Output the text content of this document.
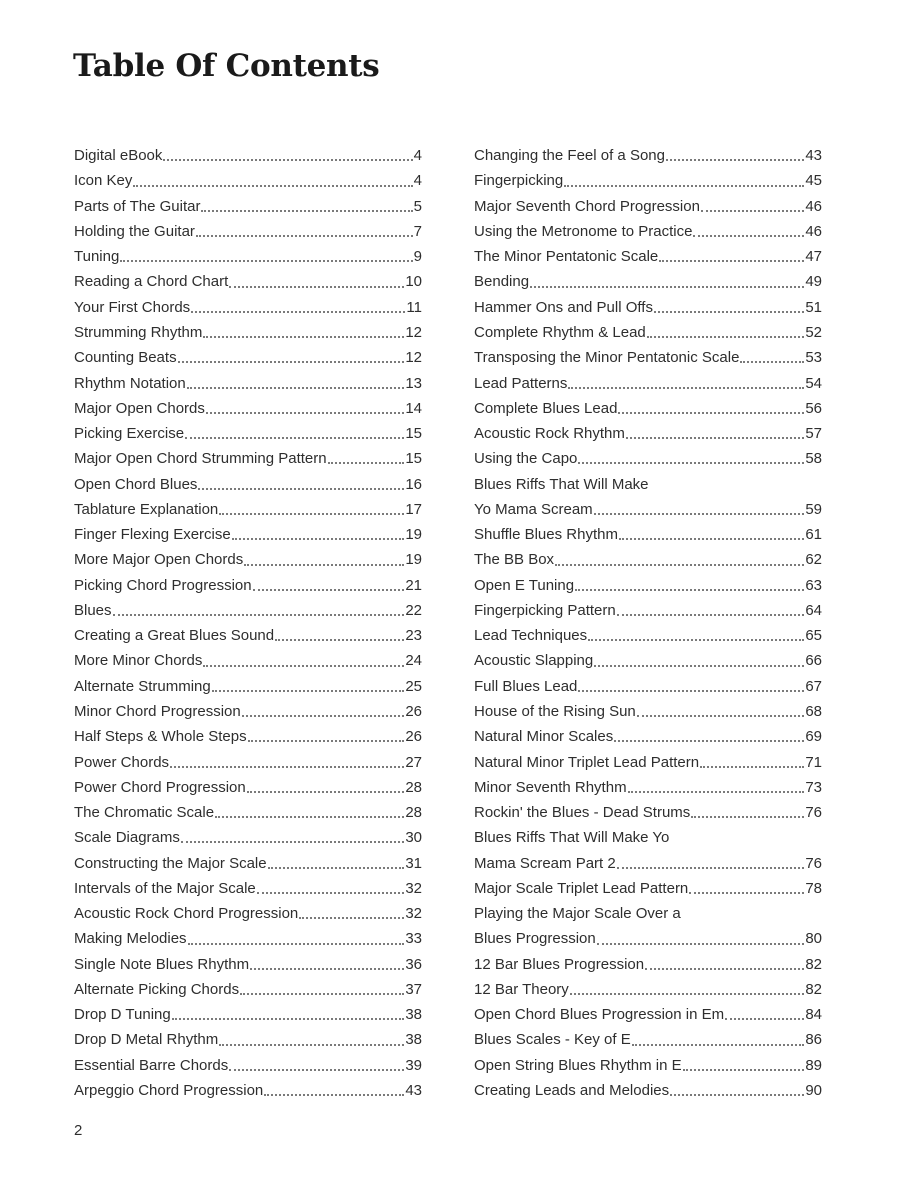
Table Of Contents
Digital eBook	4
Icon Key	4
Parts of The Guitar	5
Holding the Guitar	7
Tuning	9
Reading a Chord Chart	10
Your First Chords	11
Strumming Rhythm	12
Counting Beats	12
Rhythm Notation	13
Major Open Chords	14
Picking Exercise	15
Major Open Chord Strumming Pattern	15
Open Chord Blues	16
Tablature Explanation	17
Finger Flexing Exercise	19
More Major Open Chords	19
Picking Chord Progression	21
Blues	22
Creating a Great Blues Sound	23
More Minor Chords	24
Alternate Strumming	25
Minor Chord Progression	26
Half Steps & Whole Steps	26
Power Chords	27
Power Chord Progression	28
The Chromatic Scale	28
Scale Diagrams	30
Constructing the Major Scale	31
Intervals of the Major Scale	32
Acoustic Rock Chord Progression	32
Making Melodies	33
Single Note Blues Rhythm	36
Alternate Picking Chords	37
Drop D Tuning	38
Drop D Metal Rhythm	38
Essential Barre Chords	39
Arpeggio Chord Progression	43
Changing the Feel of a Song	43
Fingerpicking	45
Major Seventh Chord Progression	46
Using the Metronome to Practice	46
The Minor Pentatonic Scale	47
Bending	49
Hammer Ons and Pull Offs	51
Complete Rhythm & Lead	52
Transposing the Minor Pentatonic Scale	53
Lead Patterns	54
Complete Blues Lead	56
Acoustic Rock Rhythm	57
Using the Capo	58
Blues Riffs That Will Make
Yo Mama Scream	59
Shuffle Blues Rhythm	61
The BB Box	62
Open E Tuning	63
Fingerpicking Pattern	64
Lead Techniques	65
Acoustic Slapping	66
Full Blues Lead	67
House of the Rising Sun	68
Natural Minor Scales	69
Natural Minor Triplet Lead Pattern	71
Minor Seventh Rhythm	73
Rockin' the Blues - Dead Strums	76
Blues Riffs That Will Make Yo
Mama Scream Part 2	76
Major Scale Triplet Lead Pattern	78
Playing the Major Scale Over a
Blues Progression	80
12 Bar Blues Progression	82
12 Bar Theory	82
Open Chord Blues Progression in Em	84
Blues Scales - Key of E	86
Open String Blues Rhythm in E	89
Creating Leads and Melodies	90
2
